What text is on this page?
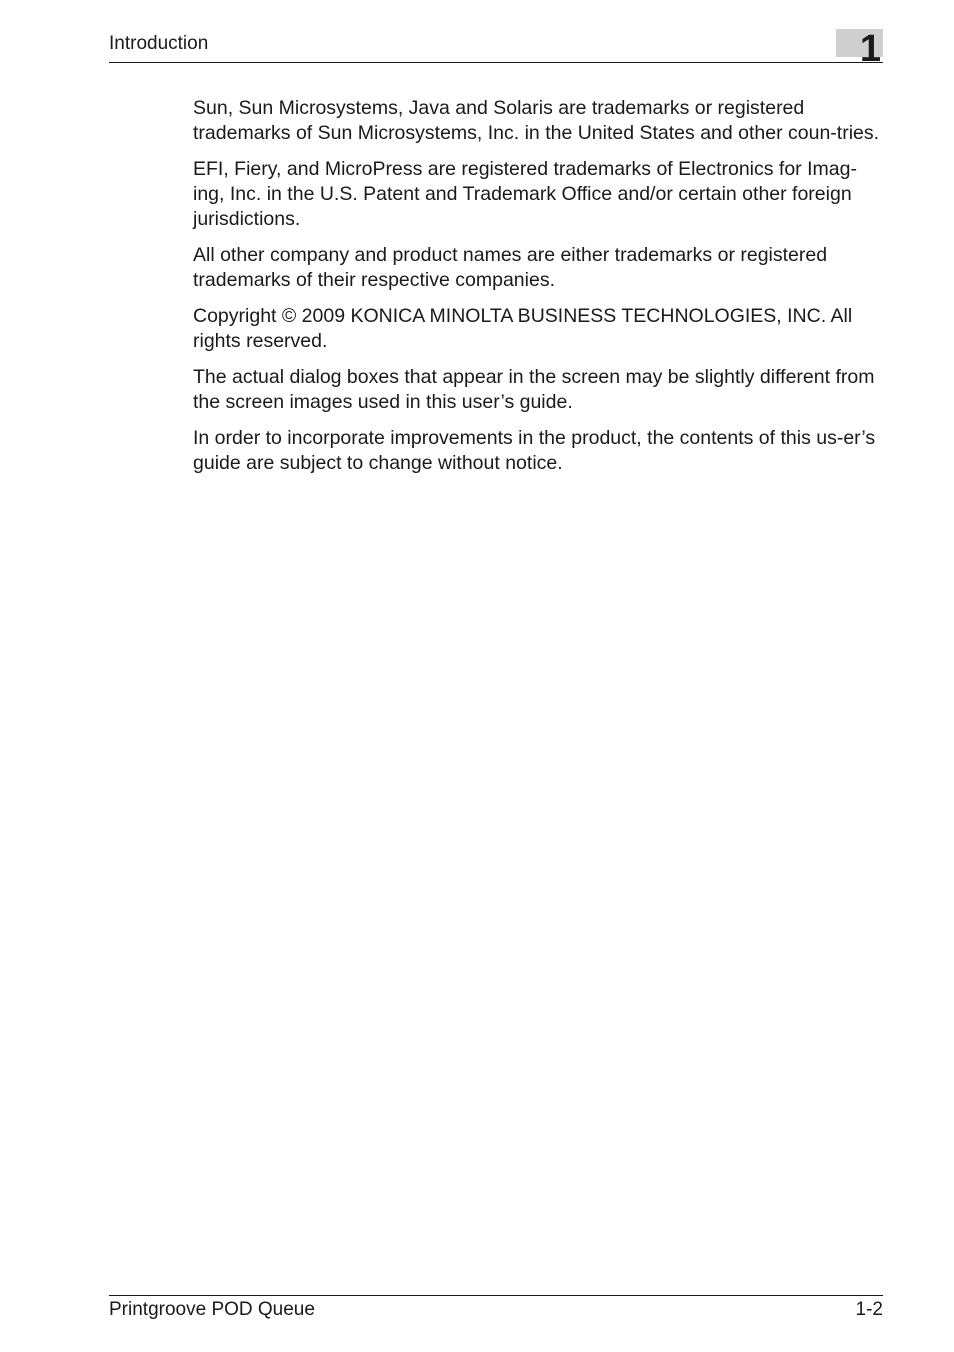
Introduction	1

Sun, Sun Microsystems, Java and Solaris are trademarks or registered trademarks of Sun Microsystems, Inc. in the United States and other coun-tries.

EFI, Fiery, and MicroPress are registered trademarks of Electronics for Imag-ing, Inc. in the U.S. Patent and Trademark Office and/or certain other foreign jurisdictions.

All other company and product names are either trademarks or registered trademarks of their respective companies.

Copyright © 2009 KONICA MINOLTA BUSINESS TECHNOLOGIES, INC. All rights reserved.

The actual dialog boxes that appear in the screen may be slightly different from the screen images used in this user’s guide.

In order to incorporate improvements in the product, the contents of this us-er’s guide are subject to change without notice.

Printgroove POD Queue	1-2
